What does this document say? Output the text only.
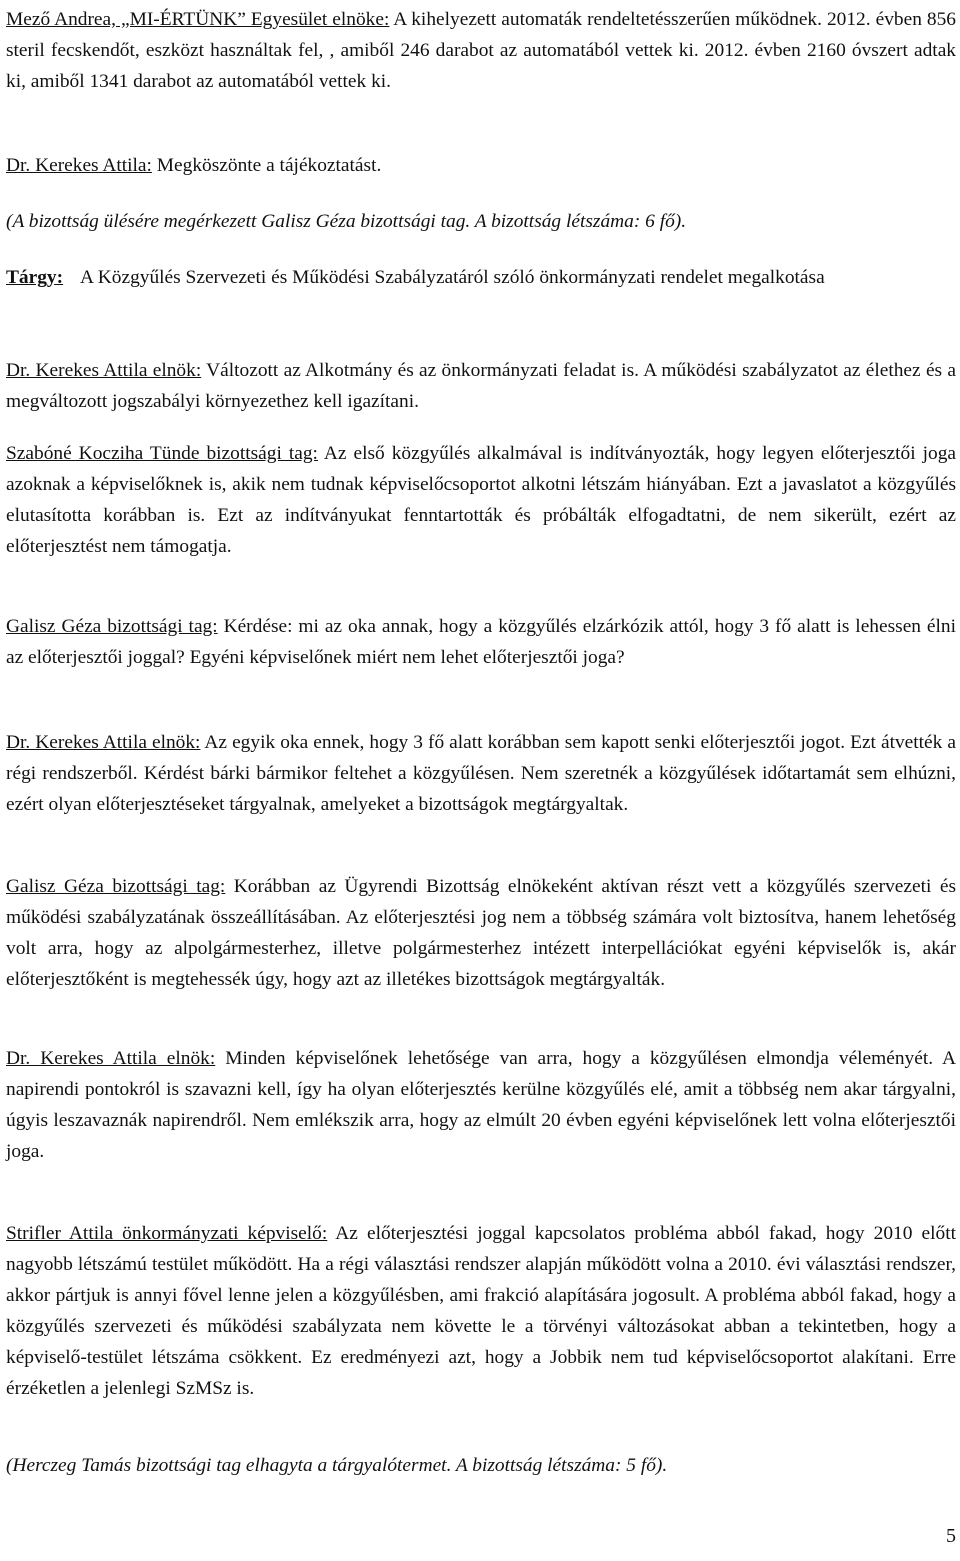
Mező Andrea, „MI-ÉRTÜNK” Egyesület elnöke: A kihelyezett automaták rendeltetésszerűen működnek. 2012. évben 856 steril fecskendőt, eszközt használtak fel, , amiből 246 darabot az automatából vettek ki. 2012. évben 2160 óvszert adtak ki, amiből 1341 darabot az automatából vettek ki.

Dr. Kerekes Attila: Megköszönte a tájékoztatást.

(A bizottság ülésére megérkezett Galisz Géza bizottsági tag. A bizottság létszáma: 6 fő).

Tárgy: A Közgyűlés Szervezeti és Működési Szabályzatáról szóló önkormányzati rendelet megalkotása

Dr. Kerekes Attila elnök: Változott az Alkotmány és az önkormányzati feladat is. A működési szabályzatot az élethez és a megváltozott jogszabályi környezethez kell igazítani.

Szabóné Kocziha Tünde bizottsági tag: Az első közgyűlés alkalmával is indítványozták, hogy legyen előterjesztői joga azoknak a képviselőknek is, akik nem tudnak képviselőcsoportot alkotni létszám hiányában. Ezt a javaslatot a közgyűlés elutasította korábban is. Ezt az indítványukat fenntartották és próbálták elfogadtatni, de nem sikerült, ezért az előterjesztést nem támogatja.

Galisz Géza bizottsági tag: Kérdése: mi az oka annak, hogy a közgyűlés elzárkózik attól, hogy 3 fő alatt is lehessen élni az előterjesztői joggal? Egyéni képviselőnek miért nem lehet előterjesztői joga?

Dr. Kerekes Attila elnök: Az egyik oka ennek, hogy 3 fő alatt korábban sem kapott senki előterjesztői jogot. Ezt átvették a régi rendszerből. Kérdést bárki bármikor feltehet a közgyűlésen. Nem szeretnék a közgyűlések időtartamát sem elhúzni, ezért olyan előterjesztéseket tárgyalnak, amelyeket a bizottságok megtárgyaltak.

Galisz Géza bizottsági tag: Korábban az Ügyrendi Bizottság elnökeként aktívan részt vett a közgyűlés szervezeti és működési szabályzatának összeállításában. Az előterjesztési jog nem a többség számára volt biztosítva, hanem lehetőség volt arra, hogy az alpolgármesterhez, illetve polgármesterhez intézett interpellációkat egyéni képviselők is, akár előterjesztőként is megtehessék úgy, hogy azt az illetékes bizottságok megtárgyalták.

Dr. Kerekes Attila elnök: Minden képviselőnek lehetősége van arra, hogy a közgyűlésen elmondja véleményét. A napirendi pontokról is szavazni kell, így ha olyan előterjesztés kerülne közgyűlés elé, amit a többség nem akar tárgyalni, úgyis leszavaznák napirendről. Nem emlékszik arra, hogy az elmúlt 20 évben egyéni képviselőnek lett volna előterjesztői joga.

Strifler Attila önkormányzati képviselő: Az előterjesztési joggal kapcsolatos probléma abból fakad, hogy 2010 előtt nagyobb létszámú testület működött. Ha a régi választási rendszer alapján működött volna a 2010. évi választási rendszer, akkor pártjuk is annyi fővel lenne jelen a közgyűlésben, ami frakció alapítására jogosult. A probléma abból fakad, hogy a közgyűlés szervezeti és működési szabályzata nem követte le a törvényi változásokat abban a tekintetben, hogy a képviselő-testület létszáma csökkent. Ez eredményezi azt, hogy a Jobbik nem tud képviselőcsoportot alakítani. Erre érzéketlen a jelenlegi SzMSz is.

(Herczeg Tamás bizottsági tag elhagyta a tárgyalótermet. A bizottság létszáma: 5 fő).

5
